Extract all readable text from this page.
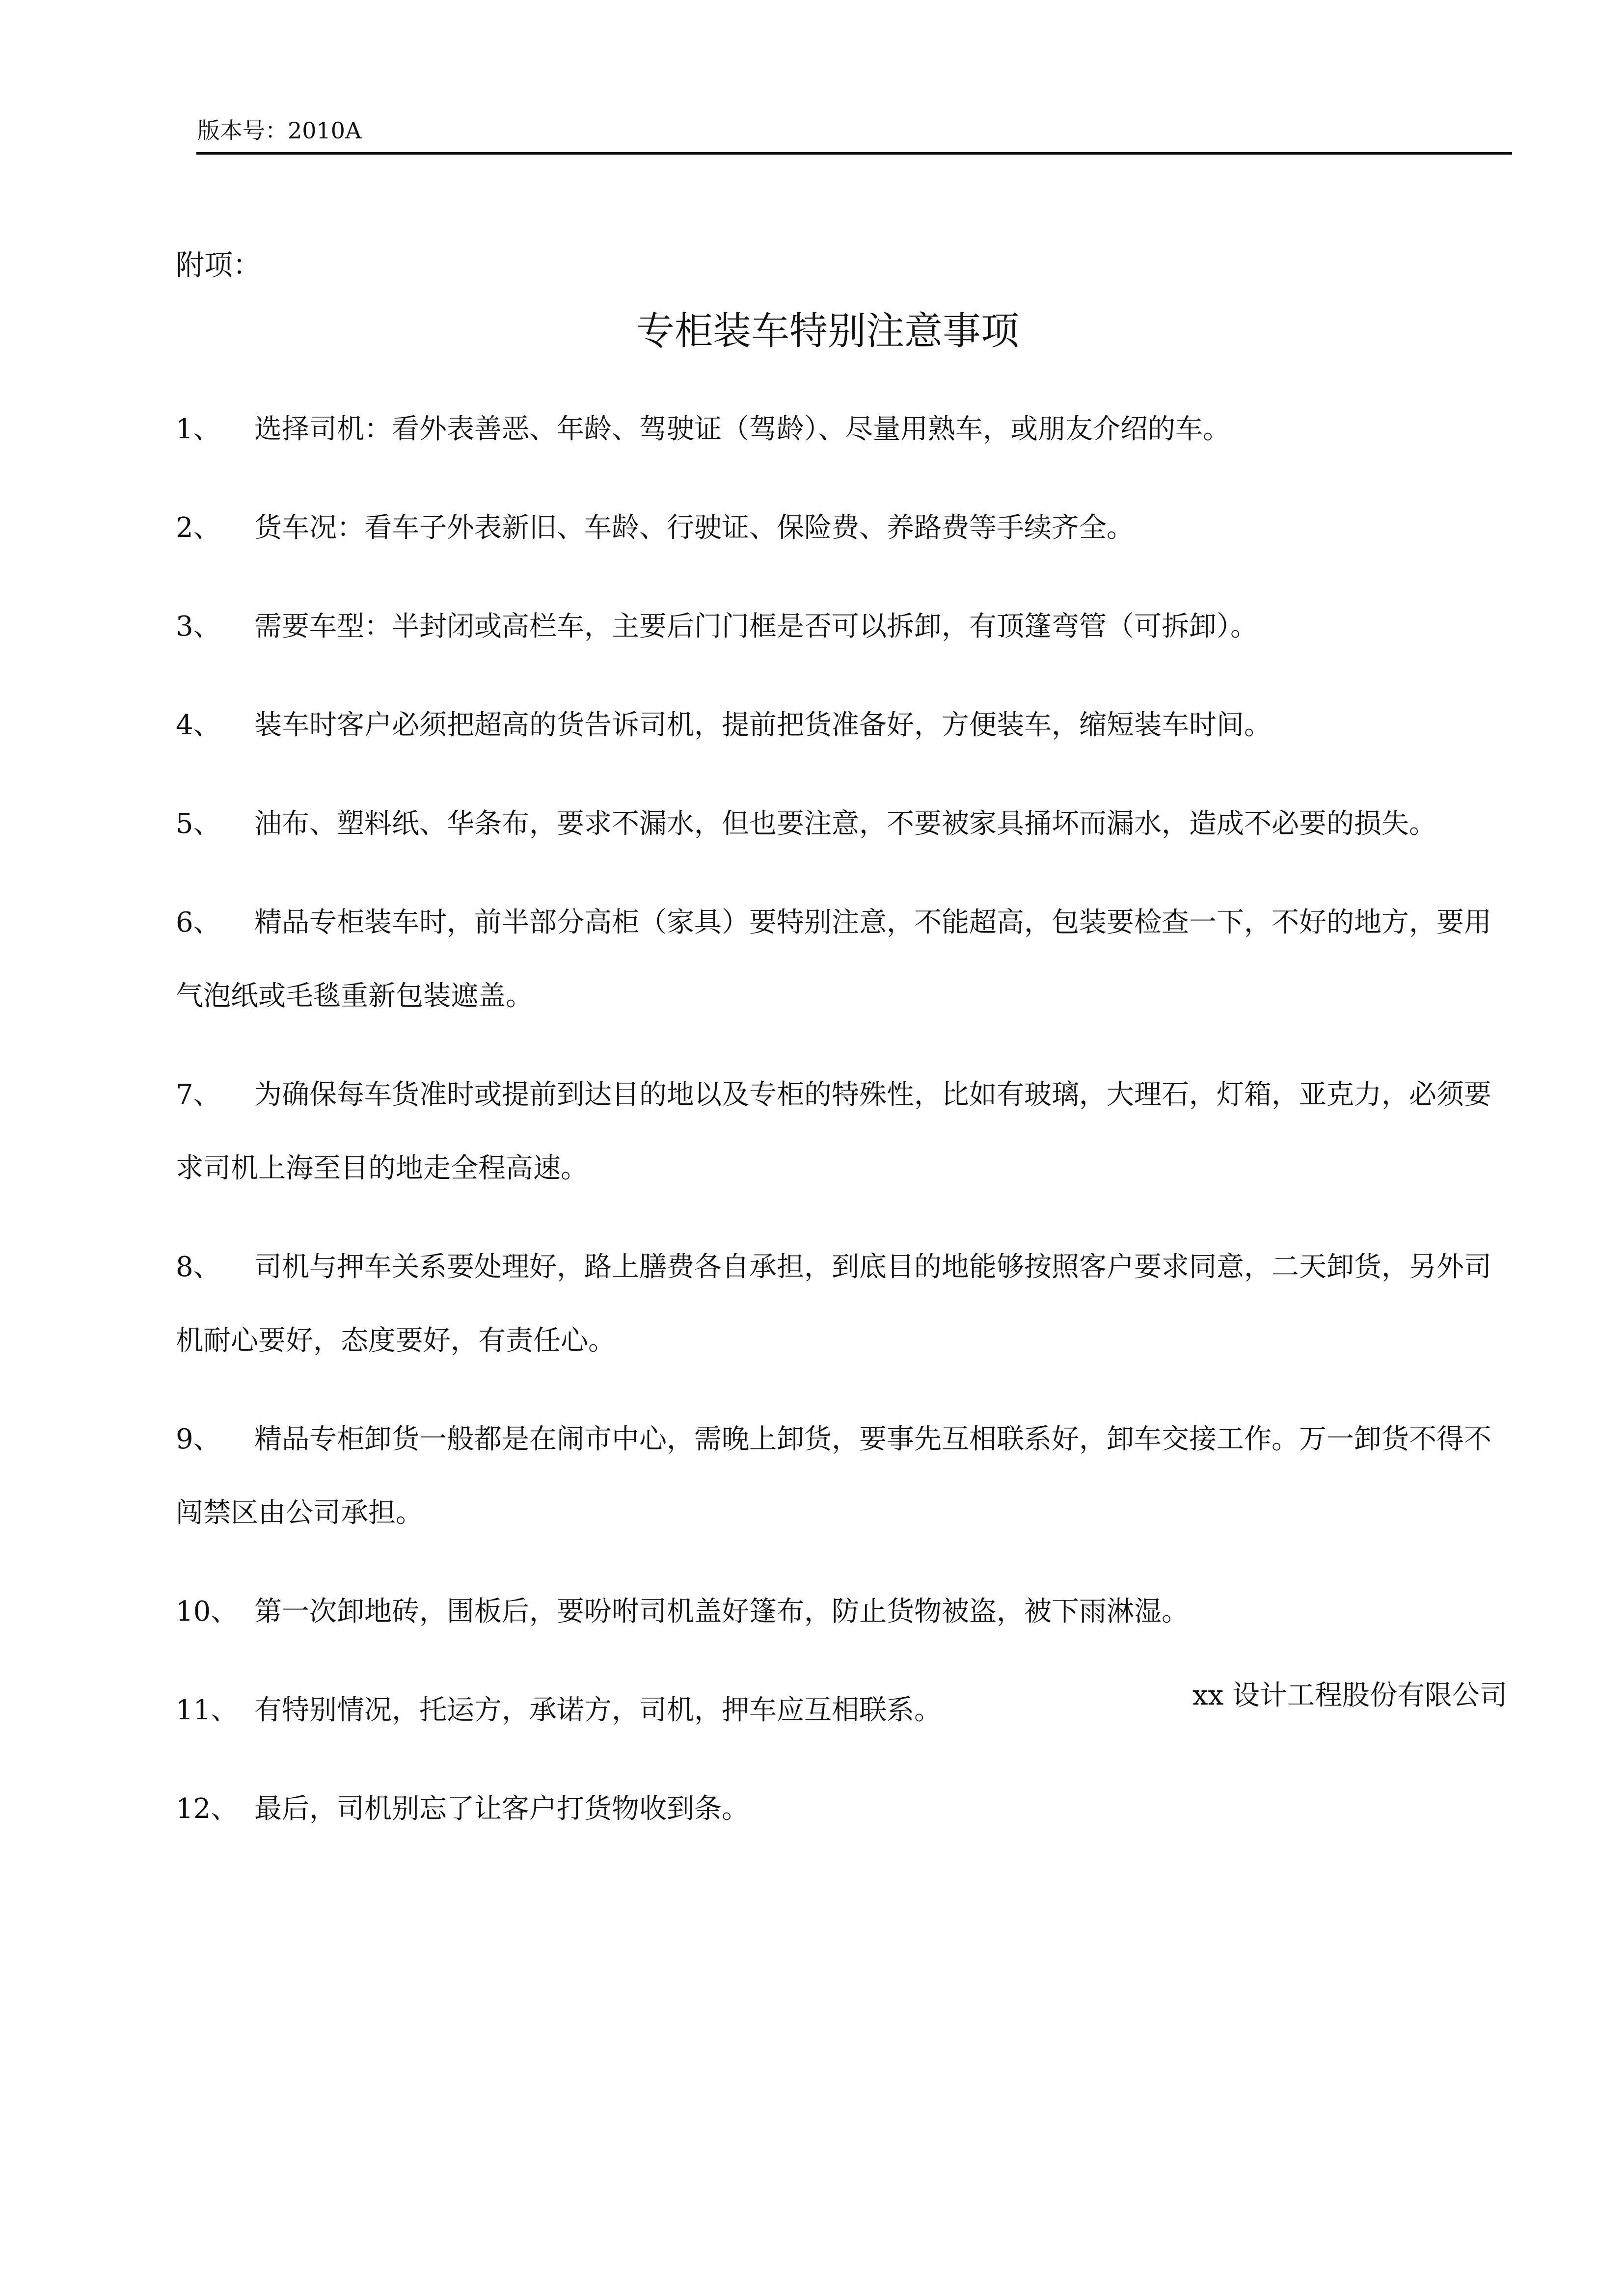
版本号：2010A
附项：
专柜装车特别注意事项
1、 选择司机：看外表善恶、年龄、驾驶证（驾龄）、尽量用熟车，或朋友介绍的车。
2、 货车况：看车子外表新旧、车龄、行驶证、保险费、养路费等手续齐全。
3、 需要车型：半封闭或高栏车，主要后门门框是否可以拆卸，有顶篷弯管（可拆卸）。
4、 装车时客户必须把超高的货告诉司机，提前把货准备好，方便装车，缩短装车时间。
5、 油布、塑料纸、华条布，要求不漏水，但也要注意，不要被家具捅坏而漏水，造成不必要的损失。
6、 精品专柜装车时，前半部分高柜（家具）要特别注意，不能超高，包装要检查一下，不好的地方，要用气泡纸或毛毯重新包装遮盖。
7、 为确保每车货准时或提前到达目的地以及专柜的特殊性，比如有玻璃，大理石，灯箱，亚克力，必须要求司机上海至目的地走全程高速。
8、 司机与押车关系要处理好，路上膳费各自承担，到底目的地能够按照客户要求同意，二天卸货，另外司机耐心要好，态度要好，有责任心。
9、 精品专柜卸货一般都是在闹市中心，需晚上卸货，要事先互相联系好，卸车交接工作。万一卸货不得不闯禁区由公司承担。
10、 第一次卸地砖，围板后，要吩咐司机盖好篷布，防止货物被盗，被下雨淋湿。
11、 有特别情况，托运方，承诺方，司机，押车应互相联系。
12、 最后，司机别忘了让客户打货物收到条。
xx 设计工程股份有限公司
